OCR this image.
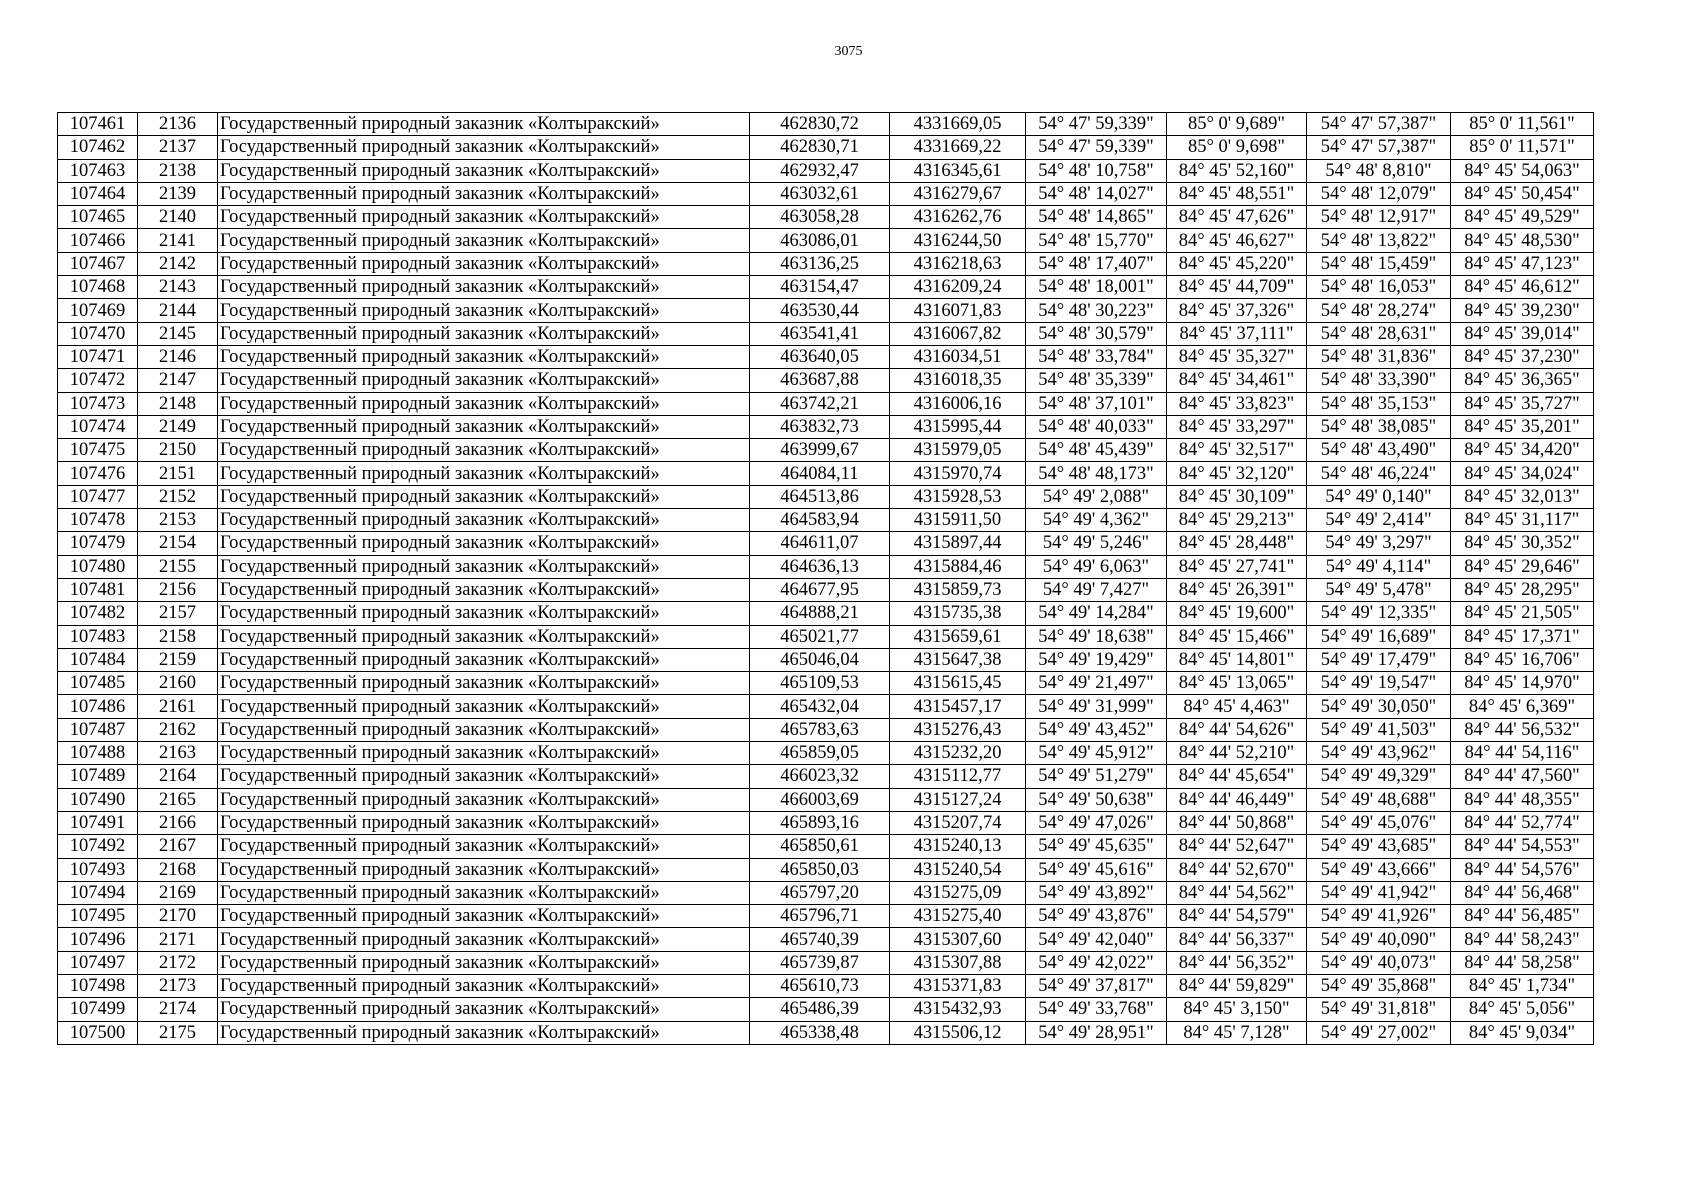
3075
107461	2136	Государственный природный заказник «Колтыракский»	462830,72	4331669,05	54° 47' 59,339"	85° 0' 9,689"	54° 47' 57,387"	85° 0' 11,561"
107462	2137	Государственный природный заказник «Колтыракский»	462830,71	4331669,22	54° 47' 59,339"	85° 0' 9,698"	54° 47' 57,387"	85° 0' 11,571"
107463	2138	Государственный природный заказник «Колтыракский»	462932,47	4316345,61	54° 48' 10,758"	84° 45' 52,160"	54° 48' 8,810"	84° 45' 54,063"
107464	2139	Государственный природный заказник «Колтыракский»	463032,61	4316279,67	54° 48' 14,027"	84° 45' 48,551"	54° 48' 12,079"	84° 45' 50,454"
107465	2140	Государственный природный заказник «Колтыракский»	463058,28	4316262,76	54° 48' 14,865"	84° 45' 47,626"	54° 48' 12,917"	84° 45' 49,529"
107466	2141	Государственный природный заказник «Колтыракский»	463086,01	4316244,50	54° 48' 15,770"	84° 45' 46,627"	54° 48' 13,822"	84° 45' 48,530"
107467	2142	Государственный природный заказник «Колтыракский»	463136,25	4316218,63	54° 48' 17,407"	84° 45' 45,220"	54° 48' 15,459"	84° 45' 47,123"
107468	2143	Государственный природный заказник «Колтыракский»	463154,47	4316209,24	54° 48' 18,001"	84° 45' 44,709"	54° 48' 16,053"	84° 45' 46,612"
107469	2144	Государственный природный заказник «Колтыракский»	463530,44	4316071,83	54° 48' 30,223"	84° 45' 37,326"	54° 48' 28,274"	84° 45' 39,230"
107470	2145	Государственный природный заказник «Колтыракский»	463541,41	4316067,82	54° 48' 30,579"	84° 45' 37,111"	54° 48' 28,631"	84° 45' 39,014"
107471	2146	Государственный природный заказник «Колтыракский»	463640,05	4316034,51	54° 48' 33,784"	84° 45' 35,327"	54° 48' 31,836"	84° 45' 37,230"
107472	2147	Государственный природный заказник «Колтыракский»	463687,88	4316018,35	54° 48' 35,339"	84° 45' 34,461"	54° 48' 33,390"	84° 45' 36,365"
107473	2148	Государственный природный заказник «Колтыракский»	463742,21	4316006,16	54° 48' 37,101"	84° 45' 33,823"	54° 48' 35,153"	84° 45' 35,727"
107474	2149	Государственный природный заказник «Колтыракский»	463832,73	4315995,44	54° 48' 40,033"	84° 45' 33,297"	54° 48' 38,085"	84° 45' 35,201"
107475	2150	Государственный природный заказник «Колтыракский»	463999,67	4315979,05	54° 48' 45,439"	84° 45' 32,517"	54° 48' 43,490"	84° 45' 34,420"
107476	2151	Государственный природный заказник «Колтыракский»	464084,11	4315970,74	54° 48' 48,173"	84° 45' 32,120"	54° 48' 46,224"	84° 45' 34,024"
107477	2152	Государственный природный заказник «Колтыракский»	464513,86	4315928,53	54° 49' 2,088"	84° 45' 30,109"	54° 49' 0,140"	84° 45' 32,013"
107478	2153	Государственный природный заказник «Колтыракский»	464583,94	4315911,50	54° 49' 4,362"	84° 45' 29,213"	54° 49' 2,414"	84° 45' 31,117"
107479	2154	Государственный природный заказник «Колтыракский»	464611,07	4315897,44	54° 49' 5,246"	84° 45' 28,448"	54° 49' 3,297"	84° 45' 30,352"
107480	2155	Государственный природный заказник «Колтыракский»	464636,13	4315884,46	54° 49' 6,063"	84° 45' 27,741"	54° 49' 4,114"	84° 45' 29,646"
107481	2156	Государственный природный заказник «Колтыракский»	464677,95	4315859,73	54° 49' 7,427"	84° 45' 26,391"	54° 49' 5,478"	84° 45' 28,295"
107482	2157	Государственный природный заказник «Колтыракский»	464888,21	4315735,38	54° 49' 14,284"	84° 45' 19,600"	54° 49' 12,335"	84° 45' 21,505"
107483	2158	Государственный природный заказник «Колтыракский»	465021,77	4315659,61	54° 49' 18,638"	84° 45' 15,466"	54° 49' 16,689"	84° 45' 17,371"
107484	2159	Государственный природный заказник «Колтыракский»	465046,04	4315647,38	54° 49' 19,429"	84° 45' 14,801"	54° 49' 17,479"	84° 45' 16,706"
107485	2160	Государственный природный заказник «Колтыракский»	465109,53	4315615,45	54° 49' 21,497"	84° 45' 13,065"	54° 49' 19,547"	84° 45' 14,970"
107486	2161	Государственный природный заказник «Колтыракский»	465432,04	4315457,17	54° 49' 31,999"	84° 45' 4,463"	54° 49' 30,050"	84° 45' 6,369"
107487	2162	Государственный природный заказник «Колтыракский»	465783,63	4315276,43	54° 49' 43,452"	84° 44' 54,626"	54° 49' 41,503"	84° 44' 56,532"
107488	2163	Государственный природный заказник «Колтыракский»	465859,05	4315232,20	54° 49' 45,912"	84° 44' 52,210"	54° 49' 43,962"	84° 44' 54,116"
107489	2164	Государственный природный заказник «Колтыракский»	466023,32	4315112,77	54° 49' 51,279"	84° 44' 45,654"	54° 49' 49,329"	84° 44' 47,560"
107490	2165	Государственный природный заказник «Колтыракский»	466003,69	4315127,24	54° 49' 50,638"	84° 44' 46,449"	54° 49' 48,688"	84° 44' 48,355"
107491	2166	Государственный природный заказник «Колтыракский»	465893,16	4315207,74	54° 49' 47,026"	84° 44' 50,868"	54° 49' 45,076"	84° 44' 52,774"
107492	2167	Государственный природный заказник «Колтыракский»	465850,61	4315240,13	54° 49' 45,635"	84° 44' 52,647"	54° 49' 43,685"	84° 44' 54,553"
107493	2168	Государственный природный заказник «Колтыракский»	465850,03	4315240,54	54° 49' 45,616"	84° 44' 52,670"	54° 49' 43,666"	84° 44' 54,576"
107494	2169	Государственный природный заказник «Колтыракский»	465797,20	4315275,09	54° 49' 43,892"	84° 44' 54,562"	54° 49' 41,942"	84° 44' 56,468"
107495	2170	Государственный природный заказник «Колтыракский»	465796,71	4315275,40	54° 49' 43,876"	84° 44' 54,579"	54° 49' 41,926"	84° 44' 56,485"
107496	2171	Государственный природный заказник «Колтыракский»	465740,39	4315307,60	54° 49' 42,040"	84° 44' 56,337"	54° 49' 40,090"	84° 44' 58,243"
107497	2172	Государственный природный заказник «Колтыракский»	465739,87	4315307,88	54° 49' 42,022"	84° 44' 56,352"	54° 49' 40,073"	84° 44' 58,258"
107498	2173	Государственный природный заказник «Колтыракский»	465610,73	4315371,83	54° 49' 37,817"	84° 44' 59,829"	54° 49' 35,868"	84° 45' 1,734"
107499	2174	Государственный природный заказник «Колтыракский»	465486,39	4315432,93	54° 49' 33,768"	84° 45' 3,150"	54° 49' 31,818"	84° 45' 5,056"
107500	2175	Государственный природный заказник «Колтыракский»	465338,48	4315506,12	54° 49' 28,951"	84° 45' 7,128"	54° 49' 27,002"	84° 45' 9,034"
